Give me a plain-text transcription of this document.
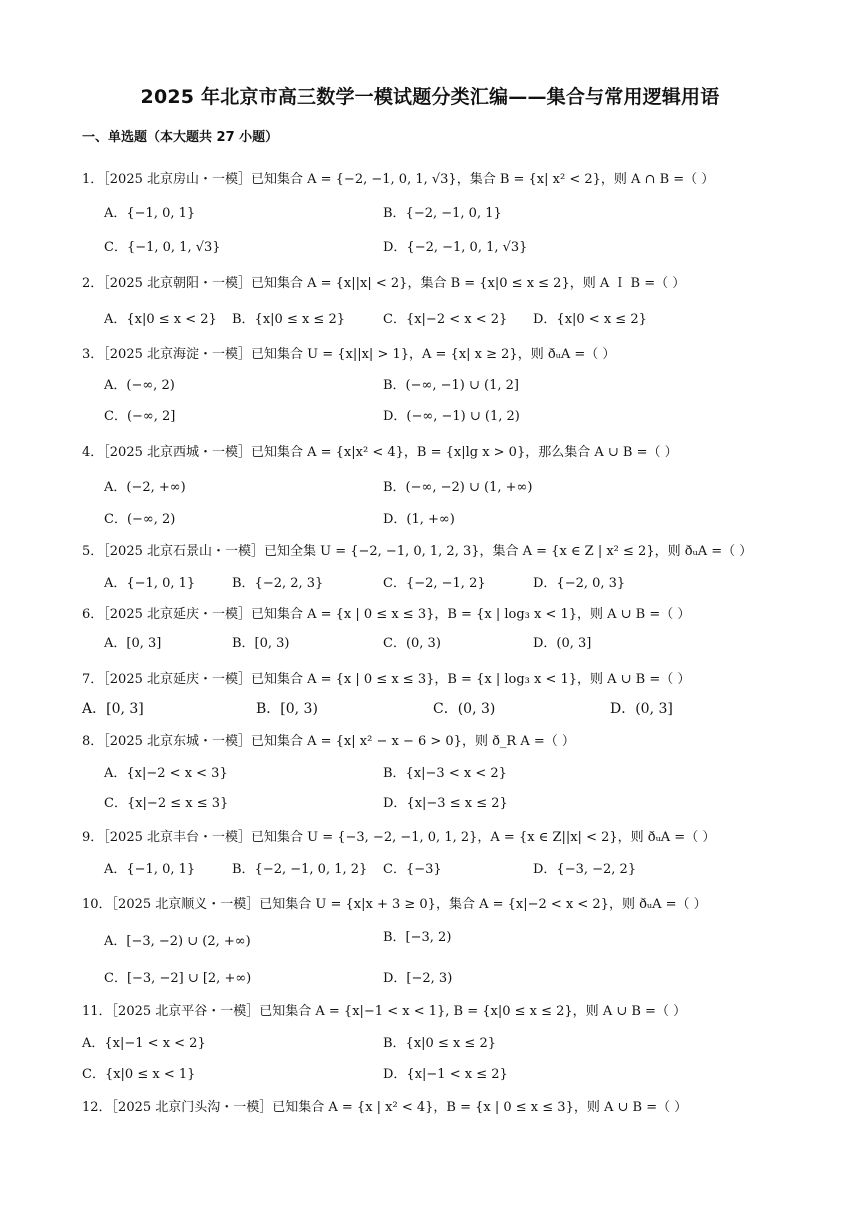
2025 年北京市高三数学一模试题分类汇编——集合与常用逻辑用语
一、单选题（本大题共 27 小题）
1．［2025 北京房山・一模］已知集合 A = {−2, −1, 0, 1, √3}，集合 B = {x| x² < 2}，则 A ∩ B =（ ）
A．{−1, 0, 1}	B．{−2, −1, 0, 1}
C．{−1, 0, 1, √3}	D．{−2, −1, 0, 1, √3}
2．［2025 北京朝阳・一模］已知集合 A = {x||x| < 2}，集合 B = {x|0 ≤ x ≤ 2}，则 A Ｉ B =（ ）
A．{x|0 ≤ x < 2} B．{x|0 ≤ x ≤ 2}	C．{x|−2 < x < 2} D．{x|0 < x ≤ 2}
3．［2025 北京海淀・一模］已知集合 U = {x||x| > 1}，A = {x| x ≥ 2}，则 ðᵤA =（ ）
A．(−∞, 2)	B．(−∞, −1) ∪ (1, 2]
C．(−∞, 2]	D．(−∞, −1) ∪ (1, 2)
4．［2025 北京西城・一模］已知集合 A = {x|x² < 4}，B = {x|lg x > 0}，那么集合 A ∪ B =（ ）
A．(−2, +∞)	B．(−∞, −2) ∪ (1, +∞)
C．(−∞, 2)	D．(1, +∞)
5．［2025 北京石景山・一模］已知全集 U = {−2, −1, 0, 1, 2, 3}，集合 A = {x ∈ Z | x² ≤ 2}，则 ðᵤA =（ ）
A．{−1, 0, 1}	B．{−2, 2, 3}	C．{−2, −1, 2}	D．{−2, 0, 3}
6．［2025 北京延庆・一模］已知集合 A = {x | 0 ≤ x ≤ 3}，B = {x | log₃ x < 1}，则 A ∪ B =（ ）
A．[0, 3]	B．[0, 3)	C．(0, 3)	D．(0, 3]
7．［2025 北京延庆・一模］已知集合 A = {x | 0 ≤ x ≤ 3}，B = {x | log₃ x < 1}，则 A ∪ B =（ ）
A．[0, 3]	B．[0, 3)	C．(0, 3)	D．(0, 3]
8．［2025 北京东城・一模］已知集合 A = {x| x² − x − 6 > 0}，则 ð_R A =（ ）
A．{x|−2 < x < 3}	B．{x|−3 < x < 2}
C．{x|−2 ≤ x ≤ 3}	D．{x|−3 ≤ x ≤ 2}
9．［2025 北京丰台・一模］已知集合 U = {−3, −2, −1, 0, 1, 2}，A = {x ∈ Z||x| < 2}，则 ðᵤA =（ ）
A．{−1, 0, 1}	B．{−2, −1, 0, 1, 2} C．{−3}	D．{−3, −2, 2}
10．［2025 北京顺义・一模］已知集合 U = {x|x + 3 ≥ 0}，集合 A = {x|−2 < x < 2}，则 ðᵤA =（ ）
A．[−3, −2) ∪ (2, +∞)	B．[−3, 2)
C．[−3, −2] ∪ [2, +∞)	D．[−2, 3)
11．［2025 北京平谷・一模］已知集合 A = {x|−1 < x < 1}, B = {x|0 ≤ x ≤ 2}，则 A ∪ B =（ ）
A．{x|−1 < x < 2}	B．{x|0 ≤ x ≤ 2}
C．{x|0 ≤ x < 1}	D．{x|−1 < x ≤ 2}
12．［2025 北京门头沟・一模］已知集合 A = {x | x² < 4}，B = {x | 0 ≤ x ≤ 3}，则 A ∪ B =（ ）
